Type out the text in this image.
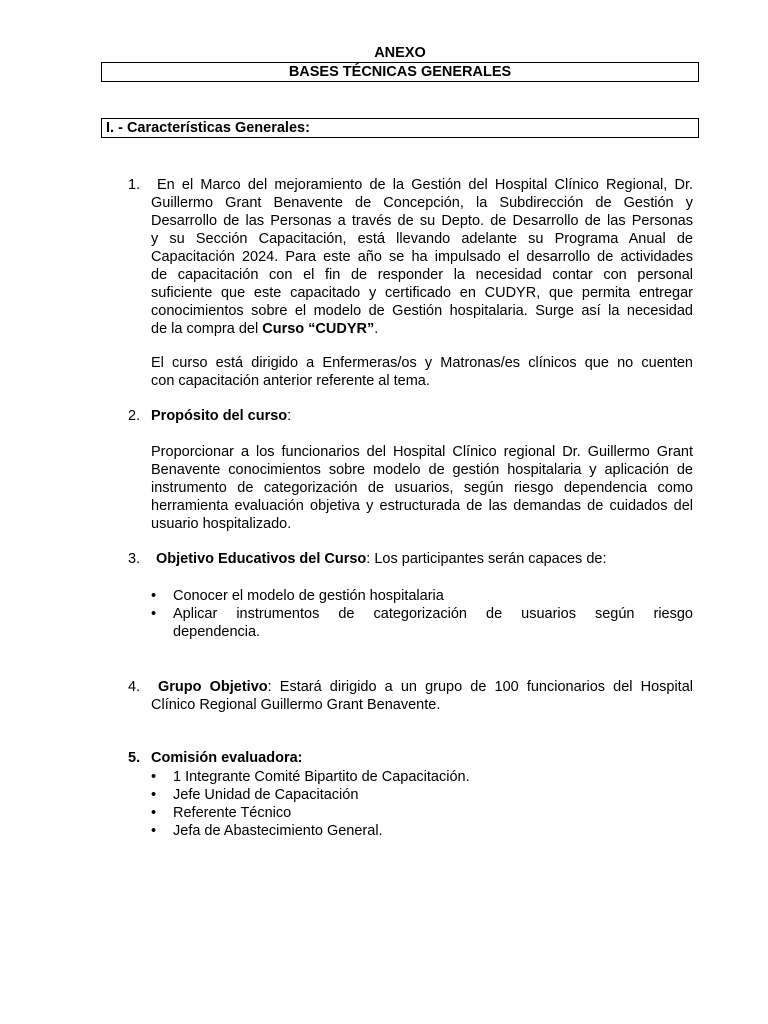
ANEXO
BASES TÉCNICAS GENERALES
I. - Características Generales:
1.	En el Marco del mejoramiento de la Gestión del Hospital Clínico Regional, Dr.

Guillermo Grant Benavente de Concepción, la Subdirección de Gestión y

Desarrollo de las Personas a través de su Depto. de Desarrollo de las Personas

y su Sección Capacitación, está llevando adelante su Programa Anual de

Capacitación 2024. Para este año se ha impulsado el desarrollo de actividades

de capacitación con el fin de responder la necesidad contar con personal

suficiente que este capacitado y certificado en CUDYR, que permita entregar

conocimientos sobre el modelo de Gestión hospitalaria. Surge así la necesidad

de la compra del Curso “CUDYR”.

El curso está dirigido a Enfermeras/os y Matronas/es clínicos que no cuenten

con capacitación anterior referente al tema.

2. Propósito del curso:

Proporcionar a los funcionarios del Hospital Clínico regional Dr. Guillermo Grant

Benavente conocimientos sobre modelo de gestión hospitalaria y aplicación de

instrumento de categorización de usuarios, según riesgo dependencia como

herramienta evaluación objetiva y estructurada de las demandas de cuidados del

usuario hospitalizado.

3.	Objetivo Educativos del Curso: Los participantes serán capaces de:
• Conocer el modelo de gestión hospitalaria
• Aplicar instrumentos de categorización de usuarios según riesgo
dependencia.
4.	Grupo Objetivo: Estará dirigido a un grupo de 100 funcionarios del Hospital

Clínico Regional Guillermo Grant Benavente.

5. Comisión evaluadora:
• 1 Integrante Comité Bipartito de Capacitación.
• Jefe Unidad de Capacitación
• Referente Técnico
• Jefa de Abastecimiento General.
